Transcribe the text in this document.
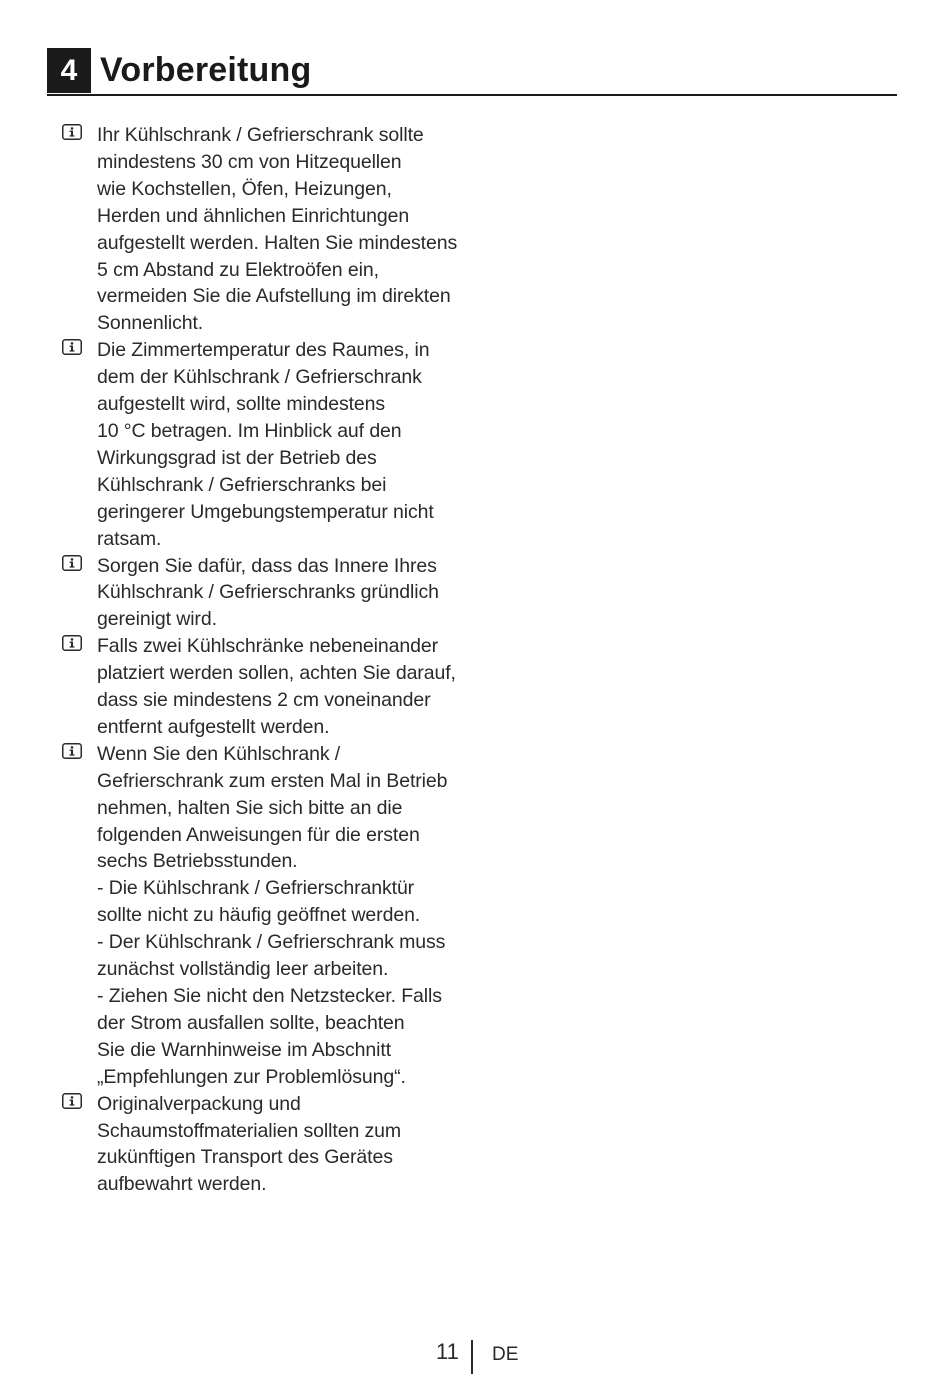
4 Vorbereitung
Ihr Kühlschrank / Gefrierschrank sollte
mindestens 30 cm von Hitzequellen
wie Kochstellen, Öfen, Heizungen,
Herden und ähnlichen Einrichtungen
aufgestellt werden. Halten Sie mindestens
5 cm Abstand zu Elektroöfen ein,
vermeiden Sie die Aufstellung im direkten
Sonnenlicht.
Die Zimmertemperatur des Raumes, in
dem der Kühlschrank / Gefrierschrank
aufgestellt wird, sollte mindestens
10 °C betragen. Im Hinblick auf den
Wirkungsgrad ist der Betrieb des
Kühlschrank / Gefrierschranks bei
geringerer Umgebungstemperatur nicht
ratsam.
Sorgen Sie dafür, dass das Innere Ihres
Kühlschrank / Gefrierschranks gründlich
gereinigt wird.
Falls zwei Kühlschränke nebeneinander
platziert werden sollen, achten Sie darauf,
dass sie mindestens 2 cm voneinander
entfernt aufgestellt werden.
Wenn Sie den Kühlschrank /
Gefrierschrank zum ersten Mal in Betrieb
nehmen, halten Sie sich bitte an die
folgenden Anweisungen für die ersten
sechs Betriebsstunden.
- Die Kühlschrank / Gefrierschranktür
sollte nicht zu häufig geöffnet werden.
- Der Kühlschrank / Gefrierschrank muss
zunächst vollständig leer arbeiten.
- Ziehen Sie nicht den Netzstecker. Falls
der Strom ausfallen sollte, beachten
Sie die Warnhinweise im Abschnitt
„Empfehlungen zur Problemlösung“.
Originalverpackung und
Schaumstoffmaterialien sollten zum
zukünftigen Transport des Gerätes
aufbewahrt werden.
11 DE
